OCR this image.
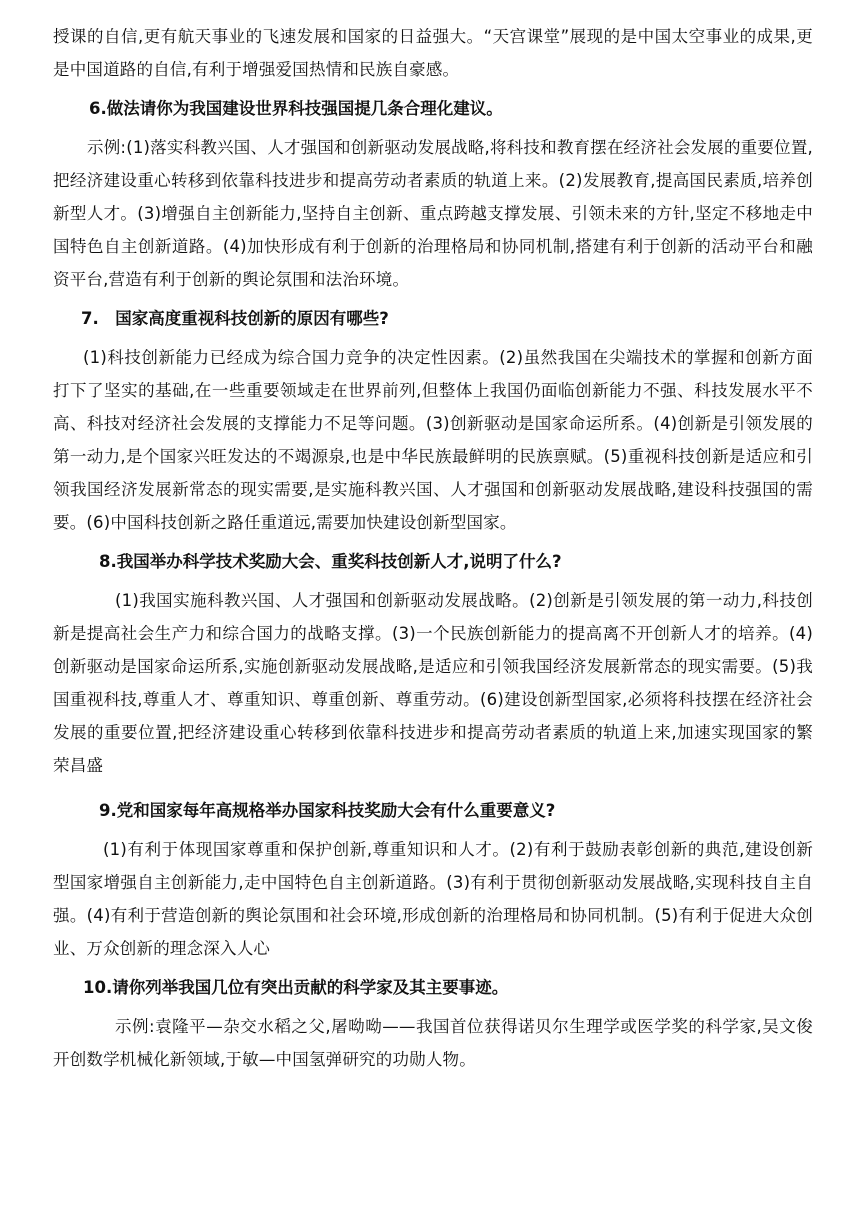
授课的自信,更有航天事业的飞速发展和国家的日益强大。“天宫课堂”展现的是中国太空事业的成果,更是中国道路的自信,有利于增强爱国热情和民族自豪感。

6.做法请你为我国建设世界科技强国提几条合理化建议。

示例:(1)落实科教兴国、人才强国和创新驱动发展战略,将科技和教育摆在经济社会发展的重要位置,把经济建设重心转移到依靠科技进步和提高劳动者素质的轨道上来。(2)发展教育,提高国民素质,培养创新型人才。(3)增强自主创新能力,坚持自主创新、重点跨越支撑发展、引领未来的方针,坚定不移地走中国特色自主创新道路。(4)加快形成有利于创新的治理格局和协同机制,搭建有利于创新的活动平台和融资平台,营造有利于创新的舆论氛围和法治环境。

7.　国家高度重视科技创新的原因有哪些?

(1)科技创新能力已经成为综合国力竞争的决定性因素。(2)虽然我国在尖端技术的掌握和创新方面打下了坚实的基础,在一些重要领域走在世界前列,但整体上我国仍面临创新能力不强、科技发展水平不高、科技对经济社会发展的支撑能力不足等问题。(3)创新驱动是国家命运所系。(4)创新是引领发展的第一动力,是个国家兴旺发达的不竭源泉,也是中华民族最鲜明的民族禀赋。(5)重视科技创新是适应和引领我国经济发展新常态的现实需要,是实施科教兴国、人才强国和创新驱动发展战略,建设科技强国的需要。(6)中国科技创新之路任重道远,需要加快建设创新型国家。

8.我国举办科学技术奖励大会、重奖科技创新人才,说明了什么?

(1)我国实施科教兴国、人才强国和创新驱动发展战略。(2)创新是引领发展的第一动力,科技创新是提高社会生产力和综合国力的战略支撑。(3)一个民族创新能力的提高离不开创新人才的培养。(4)创新驱动是国家命运所系,实施创新驱动发展战略,是适应和引领我国经济发展新常态的现实需要。(5)我国重视科技,尊重人才、尊重知识、尊重创新、尊重劳动。(6)建设创新型国家,必须将科技摆在经济社会发展的重要位置,把经济建设重心转移到依靠科技进步和提高劳动者素质的轨道上来,加速实现国家的繁荣昌盛

9.党和国家每年高规格举办国家科技奖励大会有什么重要意义?

(1)有利于体现国家尊重和保护创新,尊重知识和人才。(2)有利于鼓励表彰创新的典范,建设创新型国家增强自主创新能力,走中国特色自主创新道路。(3)有利于贯彻创新驱动发展战略,实现科技自主自强。(4)有利于营造创新的舆论氛围和社会环境,形成创新的治理格局和协同机制。(5)有利于促进大众创业、万众创新的理念深入人心

10.请你列举我国几位有突出贡献的科学家及其主要事迹。

示例:袁隆平—杂交水稻之父,屠呦呦——我国首位获得诺贝尔生理学或医学奖的科学家,吴文俊开创数学机械化新领域,于敏—中国氢弹研究的功勋人物。
